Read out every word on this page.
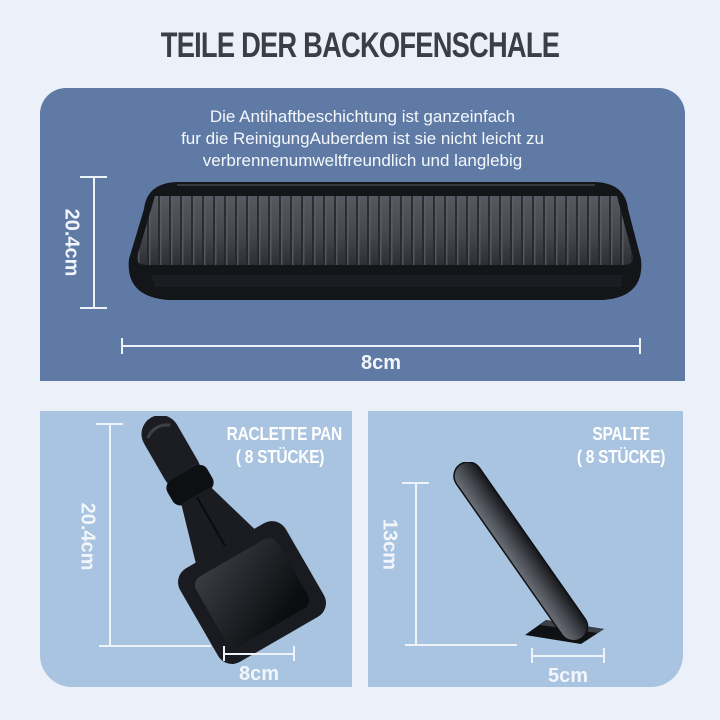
TEILE DER BACKOFENSCHALE
Die Antihaftbeschichtung ist ganzeinfach
fur die ReinigungAuberdem ist sie nicht leicht zu
verbrennenumweltfreundlich und langlebig
20.4cm
8cm
RACLETTE PAN
( 8 STÜCKE)
20.4cm
8cm
SPALTE
( 8 STÜCKE)
13cm
5cm
